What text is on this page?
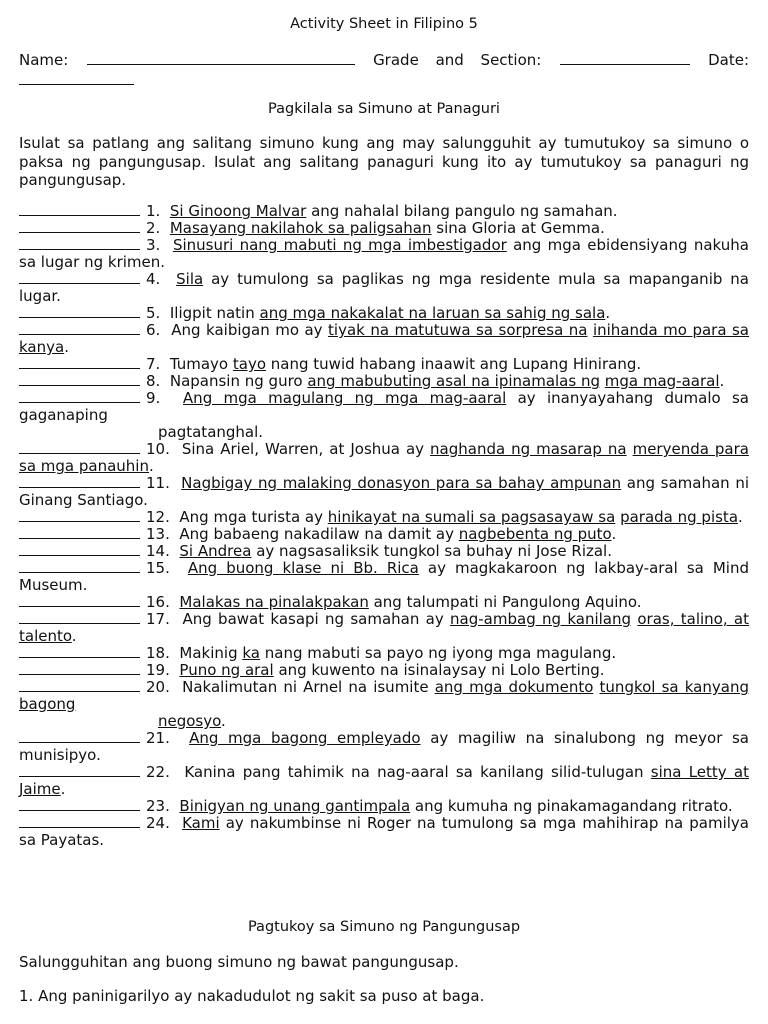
Activity Sheet in Filipino 5
Name:	Grade and Section:	Date:
Pagkilala sa Simuno at Panaguri
Isulat sa patlang ang salitang simuno kung ang may salungguhit ay tumutukoy sa simuno o paksa ng pangungusap. Isulat ang salitang panaguri kung ito ay tumutukoy sa panaguri ng pangungusap.
1.  Si Ginoong Malvar ang nahalal bilang pangulo ng samahan.
2.  Masayang nakilahok sa paligsahan sina Gloria at Gemma.
3.  Sinusuri nang mabuti ng mga imbestigador ang mga ebidensiyang nakuha sa lugar ng krimen.
4.  Sila ay tumulong sa paglikas ng mga residente mula sa mapanganib na lugar.
5.  Iligpit natin ang mga nakakalat na laruan sa sahig ng sala.
6.  Ang kaibigan mo ay tiyak na matutuwa sa sorpresa na inihanda mo para sa kanya.
7.  Tumayo tayo nang tuwid habang inaawit ang Lupang Hinirang.
8.  Napansin ng guro ang mabubuting asal na ipinamalas ng mga mag-aaral.
9.  Ang mga magulang ng mga mag-aaral ay inanyayahang dumalo sa gaganaping
pagtatanghal.
10.  Sina Ariel, Warren, at Joshua ay naghanda ng masarap na meryenda para sa mga panauhin.
11.  Nagbigay ng malaking donasyon para sa bahay ampunan ang samahan ni Ginang Santiago.
12.  Ang mga turista ay hinikayat na sumali sa pagsasayaw sa parada ng pista.
13.  Ang babaeng nakadilaw na damit ay nagbebenta ng puto.
14.  Si Andrea ay nagsasaliksik tungkol sa buhay ni Jose Rizal.
15.  Ang buong klase ni Bb. Rica ay magkakaroon ng lakbay-aral sa Mind Museum.
16.  Malakas na pinalakpakan ang talumpati ni Pangulong Aquino.
17.  Ang bawat kasapi ng samahan ay nag-ambag ng kanilang oras, talino, at talento.
18.  Makinig ka nang mabuti sa payo ng iyong mga magulang.
19.  Puno ng aral ang kuwento na isinalaysay ni Lolo Berting.
20.  Nakalimutan ni Arnel na isumite ang mga dokumento tungkol sa kanyang bagong
negosyo.
21.  Ang mga bagong empleyado ay magiliw na sinalubong ng meyor sa munisipyo.
22.  Kanina pang tahimik na nag-aaral sa kanilang silid-tulugan sina Letty at Jaime.
23.  Binigyan ng unang gantimpala ang kumuha ng pinakamagandang ritrato.
24.  Kami ay nakumbinse ni Roger na tumulong sa mga mahihirap na pamilya sa Payatas.
Pagtukoy sa Simuno ng Pangungusap
Salungguhitan ang buong simuno ng bawat pangungusap.
1. Ang paninigarilyo ay nakadudulot ng sakit sa puso at baga.
